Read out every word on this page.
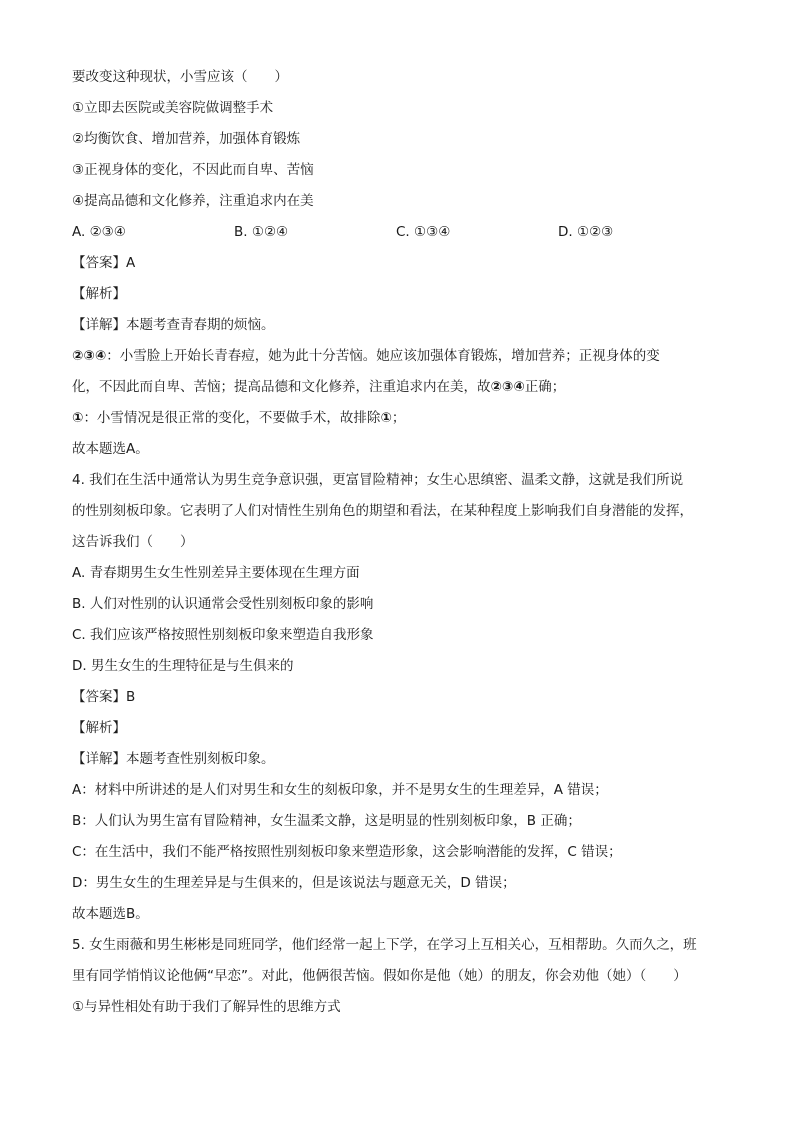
要改变这种现状，小雪应该（　　）
①立即去医院或美容院做调整手术
②均衡饮食、增加营养，加强体育锻炼
③正视身体的变化，不因此而自卑、苦恼
④提高品德和文化修养，注重追求内在美
A. ②③④	B. ①②④	C. ①③④	D. ①②③
【答案】A
【解析】
【详解】本题考查青春期的烦恼。
②③④：小雪脸上开始长青春痘，她为此十分苦恼。她应该加强体育锻炼，增加营养；正视身体的变
化，不因此而自卑、苦恼；提高品德和文化修养，注重追求内在美，故②③④正确；
①：小雪情况是很正常的变化，不要做手术，故排除①；
故本题选A。
4. 我们在生活中通常认为男生竞争意识强，更富冒险精神；女生心思缜密、温柔文静，这就是我们所说
的性别刻板印象。它表明了人们对情性生别角色的期望和看法，在某种程度上影响我们自身潜能的发挥，
这告诉我们（　　）
A. 青春期男生女生性别差异主要体现在生理方面
B. 人们对性别的认识通常会受性别刻板印象的影响
C. 我们应该严格按照性别刻板印象来塑造自我形象
D. 男生女生的生理特征是与生俱来的
【答案】B
【解析】
【详解】本题考查性别刻板印象。
A：材料中所讲述的是人们对男生和女生的刻板印象，并不是男女生的生理差异，A 错误；
B：人们认为男生富有冒险精神，女生温柔文静，这是明显的性别刻板印象，B 正确；
C：在生活中，我们不能严格按照性别刻板印象来塑造形象，这会影响潜能的发挥，C 错误；
D：男生女生的生理差异是与生俱来的，但是该说法与题意无关，D 错误；
故本题选B。
5. 女生雨薇和男生彬彬是同班同学，他们经常一起上下学，在学习上互相关心，互相帮助。久而久之，班
里有同学悄悄议论他俩“早恋”。对此，他俩很苦恼。假如你是他（她）的朋友，你会劝他（她）（　　）
①与异性相处有助于我们了解异性的思维方式
